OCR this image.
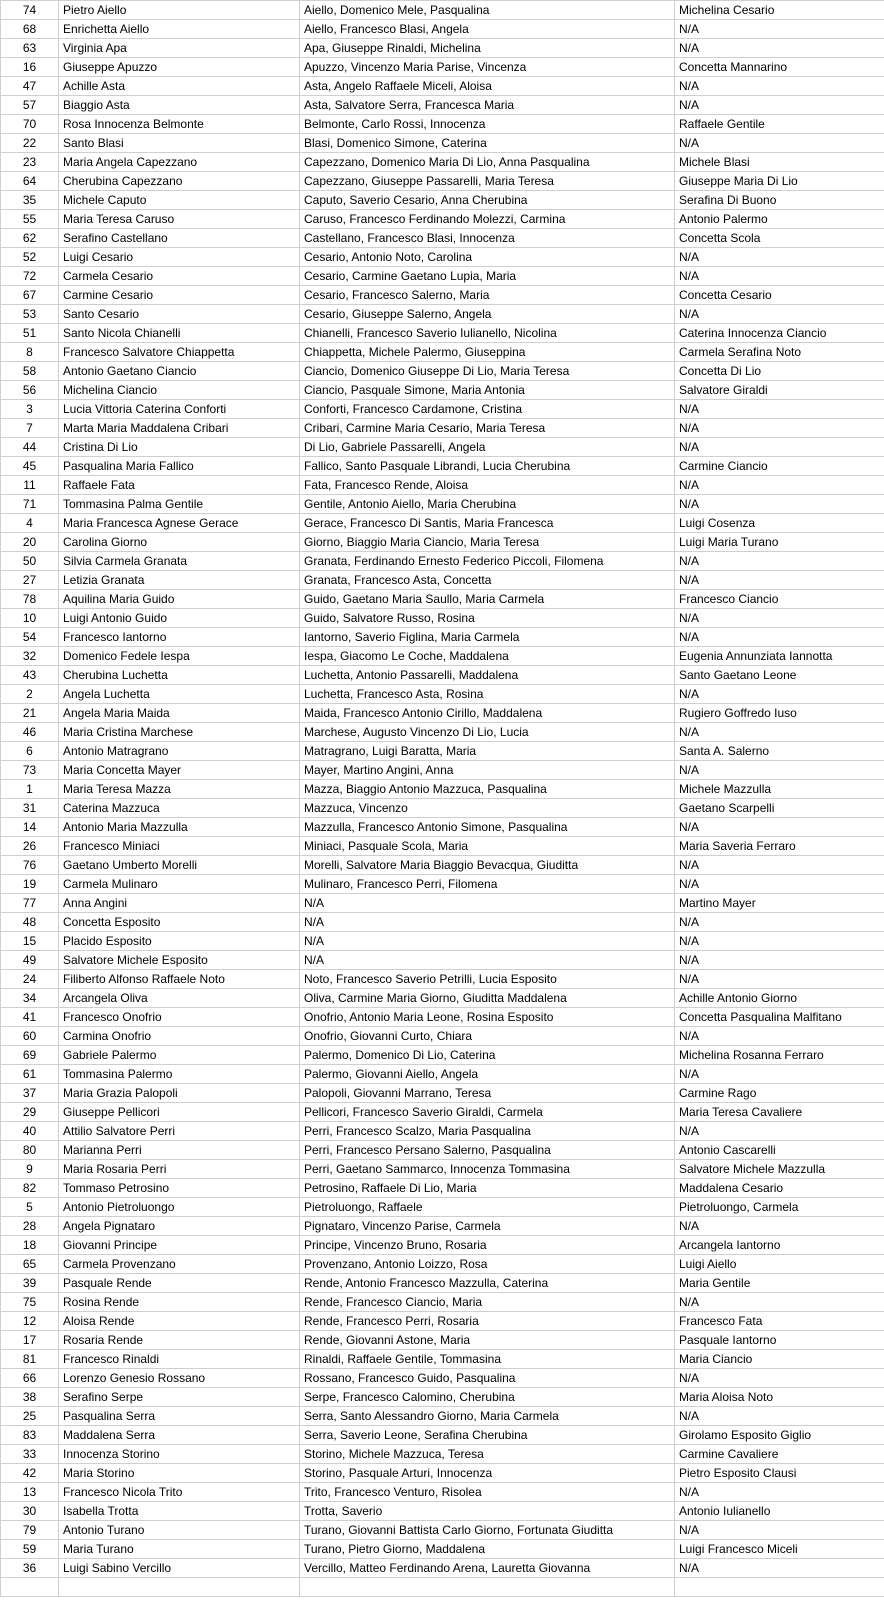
74	Pietro Aiello	Aiello, Domenico Mele, Pasqualina	Michelina Cesario
68	Enrichetta Aiello	Aiello, Francesco Blasi, Angela	N/A
63	Virginia Apa	Apa, Giuseppe Rinaldi, Michelina	N/A
16	Giuseppe Apuzzo	Apuzzo, Vincenzo Maria Parise, Vincenza	Concetta Mannarino
47	Achille Asta	Asta, Angelo Raffaele Miceli, Aloisa	N/A
57	Biaggio Asta	Asta, Salvatore Serra, Francesca Maria	N/A
70	Rosa Innocenza Belmonte	Belmonte, Carlo Rossi, Innocenza	Raffaele Gentile
22	Santo Blasi	Blasi, Domenico Simone, Caterina	N/A
23	Maria Angela Capezzano	Capezzano, Domenico Maria Di Lio, Anna Pasqualina	Michele Blasi
64	Cherubina Capezzano	Capezzano, Giuseppe Passarelli, Maria Teresa	Giuseppe Maria Di Lio
35	Michele Caputo	Caputo, Saverio Cesario, Anna Cherubina	Serafina Di Buono
55	Maria Teresa Caruso	Caruso, Francesco Ferdinando Molezzi, Carmina	Antonio Palermo
62	Serafino Castellano	Castellano, Francesco Blasi, Innocenza	Concetta Scola
52	Luigi Cesario	Cesario, Antonio Noto, Carolina	N/A
72	Carmela Cesario	Cesario, Carmine Gaetano Lupia, Maria	N/A
67	Carmine Cesario	Cesario, Francesco Salerno, Maria	Concetta Cesario
53	Santo Cesario	Cesario, Giuseppe Salerno, Angela	N/A
51	Santo Nicola Chianelli	Chianelli, Francesco Saverio Iulianello, Nicolina	Caterina Innocenza Ciancio
8	Francesco Salvatore Chiappetta	Chiappetta, Michele Palermo, Giuseppina	Carmela Serafina Noto
58	Antonio Gaetano Ciancio	Ciancio, Domenico Giuseppe Di Lio, Maria Teresa	Concetta Di Lio
56	Michelina Ciancio	Ciancio, Pasquale Simone, Maria Antonia	Salvatore Giraldi
3	Lucia Vittoria Caterina Conforti	Conforti, Francesco Cardamone, Cristina	N/A
7	Marta Maria Maddalena Cribari	Cribari, Carmine Maria Cesario, Maria Teresa	N/A
44	Cristina Di Lio	Di Lio, Gabriele Passarelli, Angela	N/A
45	Pasqualina Maria Fallico	Fallico, Santo Pasquale Librandi, Lucia Cherubina	Carmine Ciancio
11	Raffaele Fata	Fata, Francesco Rende, Aloisa	N/A
71	Tommasina Palma Gentile	Gentile, Antonio Aiello, Maria Cherubina	N/A
4	Maria Francesca Agnese Gerace	Gerace, Francesco Di Santis, Maria Francesca	Luigi Cosenza
20	Carolina Giorno	Giorno, Biaggio Maria Ciancio, Maria Teresa	Luigi Maria Turano
50	Silvia Carmela Granata	Granata, Ferdinando Ernesto Federico Piccoli, Filomena	N/A
27	Letizia Granata	Granata, Francesco Asta, Concetta	N/A
78	Aquilina Maria Guido	Guido, Gaetano Maria Saullo, Maria Carmela	Francesco Ciancio
10	Luigi Antonio Guido	Guido, Salvatore Russo, Rosina	N/A
54	Francesco Iantorno	Iantorno, Saverio Figlina, Maria Carmela	N/A
32	Domenico Fedele Iespa	Iespa, Giacomo Le Coche, Maddalena	Eugenia Annunziata Iannotta
43	Cherubina Luchetta	Luchetta, Antonio Passarelli, Maddalena	Santo Gaetano Leone
2	Angela Luchetta	Luchetta, Francesco Asta, Rosina	N/A
21	Angela Maria Maida	Maida, Francesco Antonio Cirillo, Maddalena	Rugiero Goffredo Iuso
46	Maria Cristina Marchese	Marchese, Augusto Vincenzo Di Lio, Lucia	N/A
6	Antonio Matragrano	Matragrano, Luigi Baratta, Maria	Santa A. Salerno
73	Maria Concetta Mayer	Mayer, Martino Angini, Anna	N/A
1	Maria Teresa Mazza	Mazza, Biaggio Antonio Mazzuca, Pasqualina	Michele Mazzulla
31	Caterina Mazzuca	Mazzuca, Vincenzo	Gaetano Scarpelli
14	Antonio Maria Mazzulla	Mazzulla, Francesco Antonio Simone, Pasqualina	N/A
26	Francesco Miniaci	Miniaci, Pasquale Scola, Maria	Maria Saveria Ferraro
76	Gaetano Umberto Morelli	Morelli, Salvatore Maria Biaggio Bevacqua, Giuditta	N/A
19	Carmela Mulinaro	Mulinaro, Francesco Perri, Filomena	N/A
77	Anna Angini	N/A	Martino Mayer
48	Concetta Esposito	N/A	N/A
15	Placido Esposito	N/A	N/A
49	Salvatore Michele Esposito	N/A	N/A
24	Filiberto Alfonso Raffaele Noto	Noto, Francesco Saverio Petrilli, Lucia Esposito	N/A
34	Arcangela Oliva	Oliva, Carmine Maria Giorno, Giuditta Maddalena	Achille Antonio Giorno
41	Francesco Onofrio	Onofrio, Antonio Maria Leone, Rosina Esposito	Concetta Pasqualina Malfitano
60	Carmina Onofrio	Onofrio, Giovanni Curto, Chiara	N/A
69	Gabriele Palermo	Palermo, Domenico Di Lio, Caterina	Michelina Rosanna Ferraro
61	Tommasina Palermo	Palermo, Giovanni Aiello, Angela	N/A
37	Maria Grazia Palopoli	Palopoli, Giovanni Marrano, Teresa	Carmine Rago
29	Giuseppe Pellicori	Pellicori, Francesco Saverio Giraldi, Carmela	Maria Teresa Cavaliere
40	Attilio Salvatore Perri	Perri, Francesco Scalzo, Maria Pasqualina	N/A
80	Marianna Perri	Perri, Francesco Persano Salerno, Pasqualina	Antonio Cascarelli
9	Maria Rosaria Perri	Perri, Gaetano Sammarco, Innocenza Tommasina	Salvatore Michele Mazzulla
82	Tommaso Petrosino	Petrosino, Raffaele Di Lio, Maria	Maddalena Cesario
5	Antonio Pietroluongo	Pietroluongo, Raffaele	Pietroluongo, Carmela
28	Angela Pignataro	Pignataro, Vincenzo Parise, Carmela	N/A
18	Giovanni Principe	Principe, Vincenzo Bruno, Rosaria	Arcangela Iantorno
65	Carmela Provenzano	Provenzano, Antonio Loizzo, Rosa	Luigi Aiello
39	Pasquale Rende	Rende, Antonio Francesco Mazzulla, Caterina	Maria Gentile
75	Rosina Rende	Rende, Francesco Ciancio, Maria	N/A
12	Aloisa Rende	Rende, Francesco Perri, Rosaria	Francesco Fata
17	Rosaria Rende	Rende, Giovanni Astone, Maria	Pasquale Iantorno
81	Francesco Rinaldi	Rinaldi, Raffaele Gentile, Tommasina	Maria Ciancio
66	Lorenzo Genesio Rossano	Rossano, Francesco Guido, Pasqualina	N/A
38	Serafino Serpe	Serpe, Francesco Calomino, Cherubina	Maria Aloisa Noto
25	Pasqualina Serra	Serra, Santo Alessandro Giorno, Maria Carmela	N/A
83	Maddalena Serra	Serra, Saverio Leone, Serafina Cherubina	Girolamo Esposito Giglio
33	Innocenza Storino	Storino, Michele Mazzuca, Teresa	Carmine Cavaliere
42	Maria Storino	Storino, Pasquale Arturi, Innocenza	Pietro Esposito Clausi
13	Francesco Nicola Trito	Trito, Francesco Venturo, Risolea	N/A
30	Isabella Trotta	Trotta, Saverio	Antonio Iulianello
79	Antonio Turano	Turano, Giovanni Battista Carlo Giorno, Fortunata Giuditta	N/A
59	Maria Turano	Turano, Pietro Giorno, Maddalena	Luigi Francesco Miceli
36	Luigi Sabino Vercillo	Vercillo, Matteo Ferdinando Arena, Lauretta Giovanna	N/A
